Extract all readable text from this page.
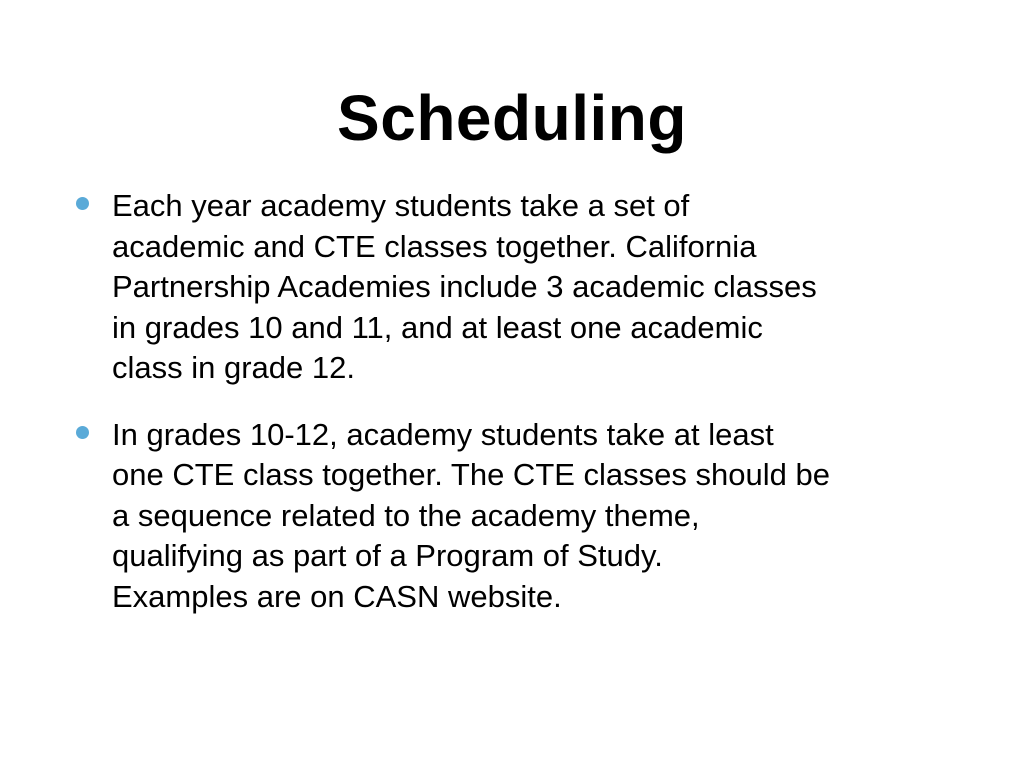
Scheduling
Each year academy students take a set of
academic and CTE classes together. California
Partnership Academies include 3 academic classes
in grades 10 and 11, and at least one academic
class in grade 12.
In grades 10-12, academy students take at least
one CTE class together. The CTE classes should be
a sequence related to the academy theme,
qualifying as part of a Program of Study.
Examples are on CASN website.
